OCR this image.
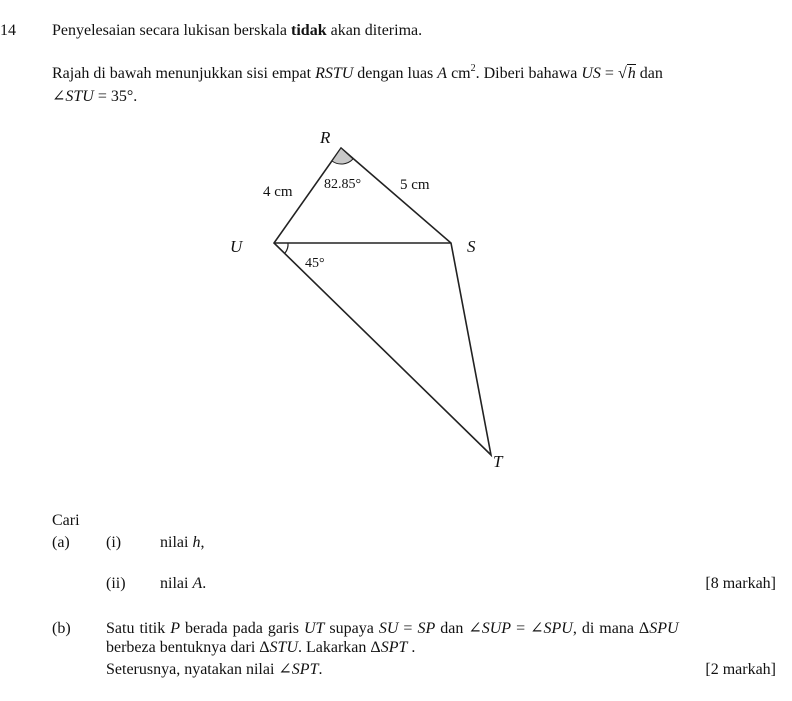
14 Penyelesaian secara lukisan berskala tidak akan diterima.
Rajah di bawah menunjukkan sisi empat RSTU dengan luas A $cm^2$. Diberi bahawa US = √h dan
∠STU = 35°.
R
U	S
T
4 cm	5 cm
82.85°
45°
Cari
(a) (i) nilai h,
(ii) nilai A.	[8 markah]
(b) Satu titik P berada pada garis UT supaya SU = SP dan ∠SUP = ∠SPU, di mana ΔSPU
berbeza bentuknya dari ΔSTU. Lakarkan ΔSPT .
Seterusnya, nyatakan nilai ∠SPT.	[2 markah]
